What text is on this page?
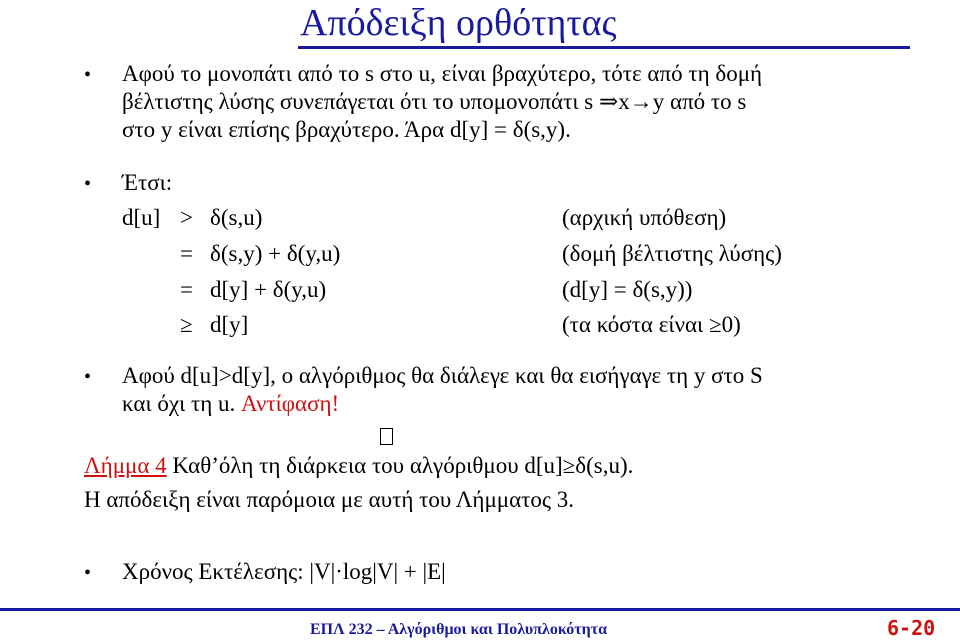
Απόδειξη ορθότητας
• Αφού το μονοπάτι από το s στο u, είναι βραχύτερο, τότε από τη δομή
βέλτιστης λύσης συνεπάγεται ότι το υπομονοπάτι s ⇒x→y από το s
στο y είναι επίσης βραχύτερο. Άρα d[y] = δ(s,y).
• Έτσι:
d[u] > δ(s,u)	(αρχική υπόθεση)
= δ(s,y) + δ(y,u)	(δομή βέλτιστης λύσης)
= d[y] + δ(y,u)	(d[y] = δ(s,y))
≥ d[y]	(τα κόστα είναι ≥0)
• Αφού d[u]>d[y], ο αλγόριθμος θα διάλεγε και θα εισήγαγε τη y στο S
και όχι τη u. Αντίφαση!
Λήμμα 4 Καθ’όλη τη διάρκεια του αλγόριθμου d[u]≥δ(s,u).
Η απόδειξη είναι παρόμοια με αυτή του Λήμματος 3.
• Χρόνος Εκτέλεσης: |V|·log|V| + |E|
ΕΠΛ 232 – Αλγόριθμοι και Πολυπλοκότητα	6-20
